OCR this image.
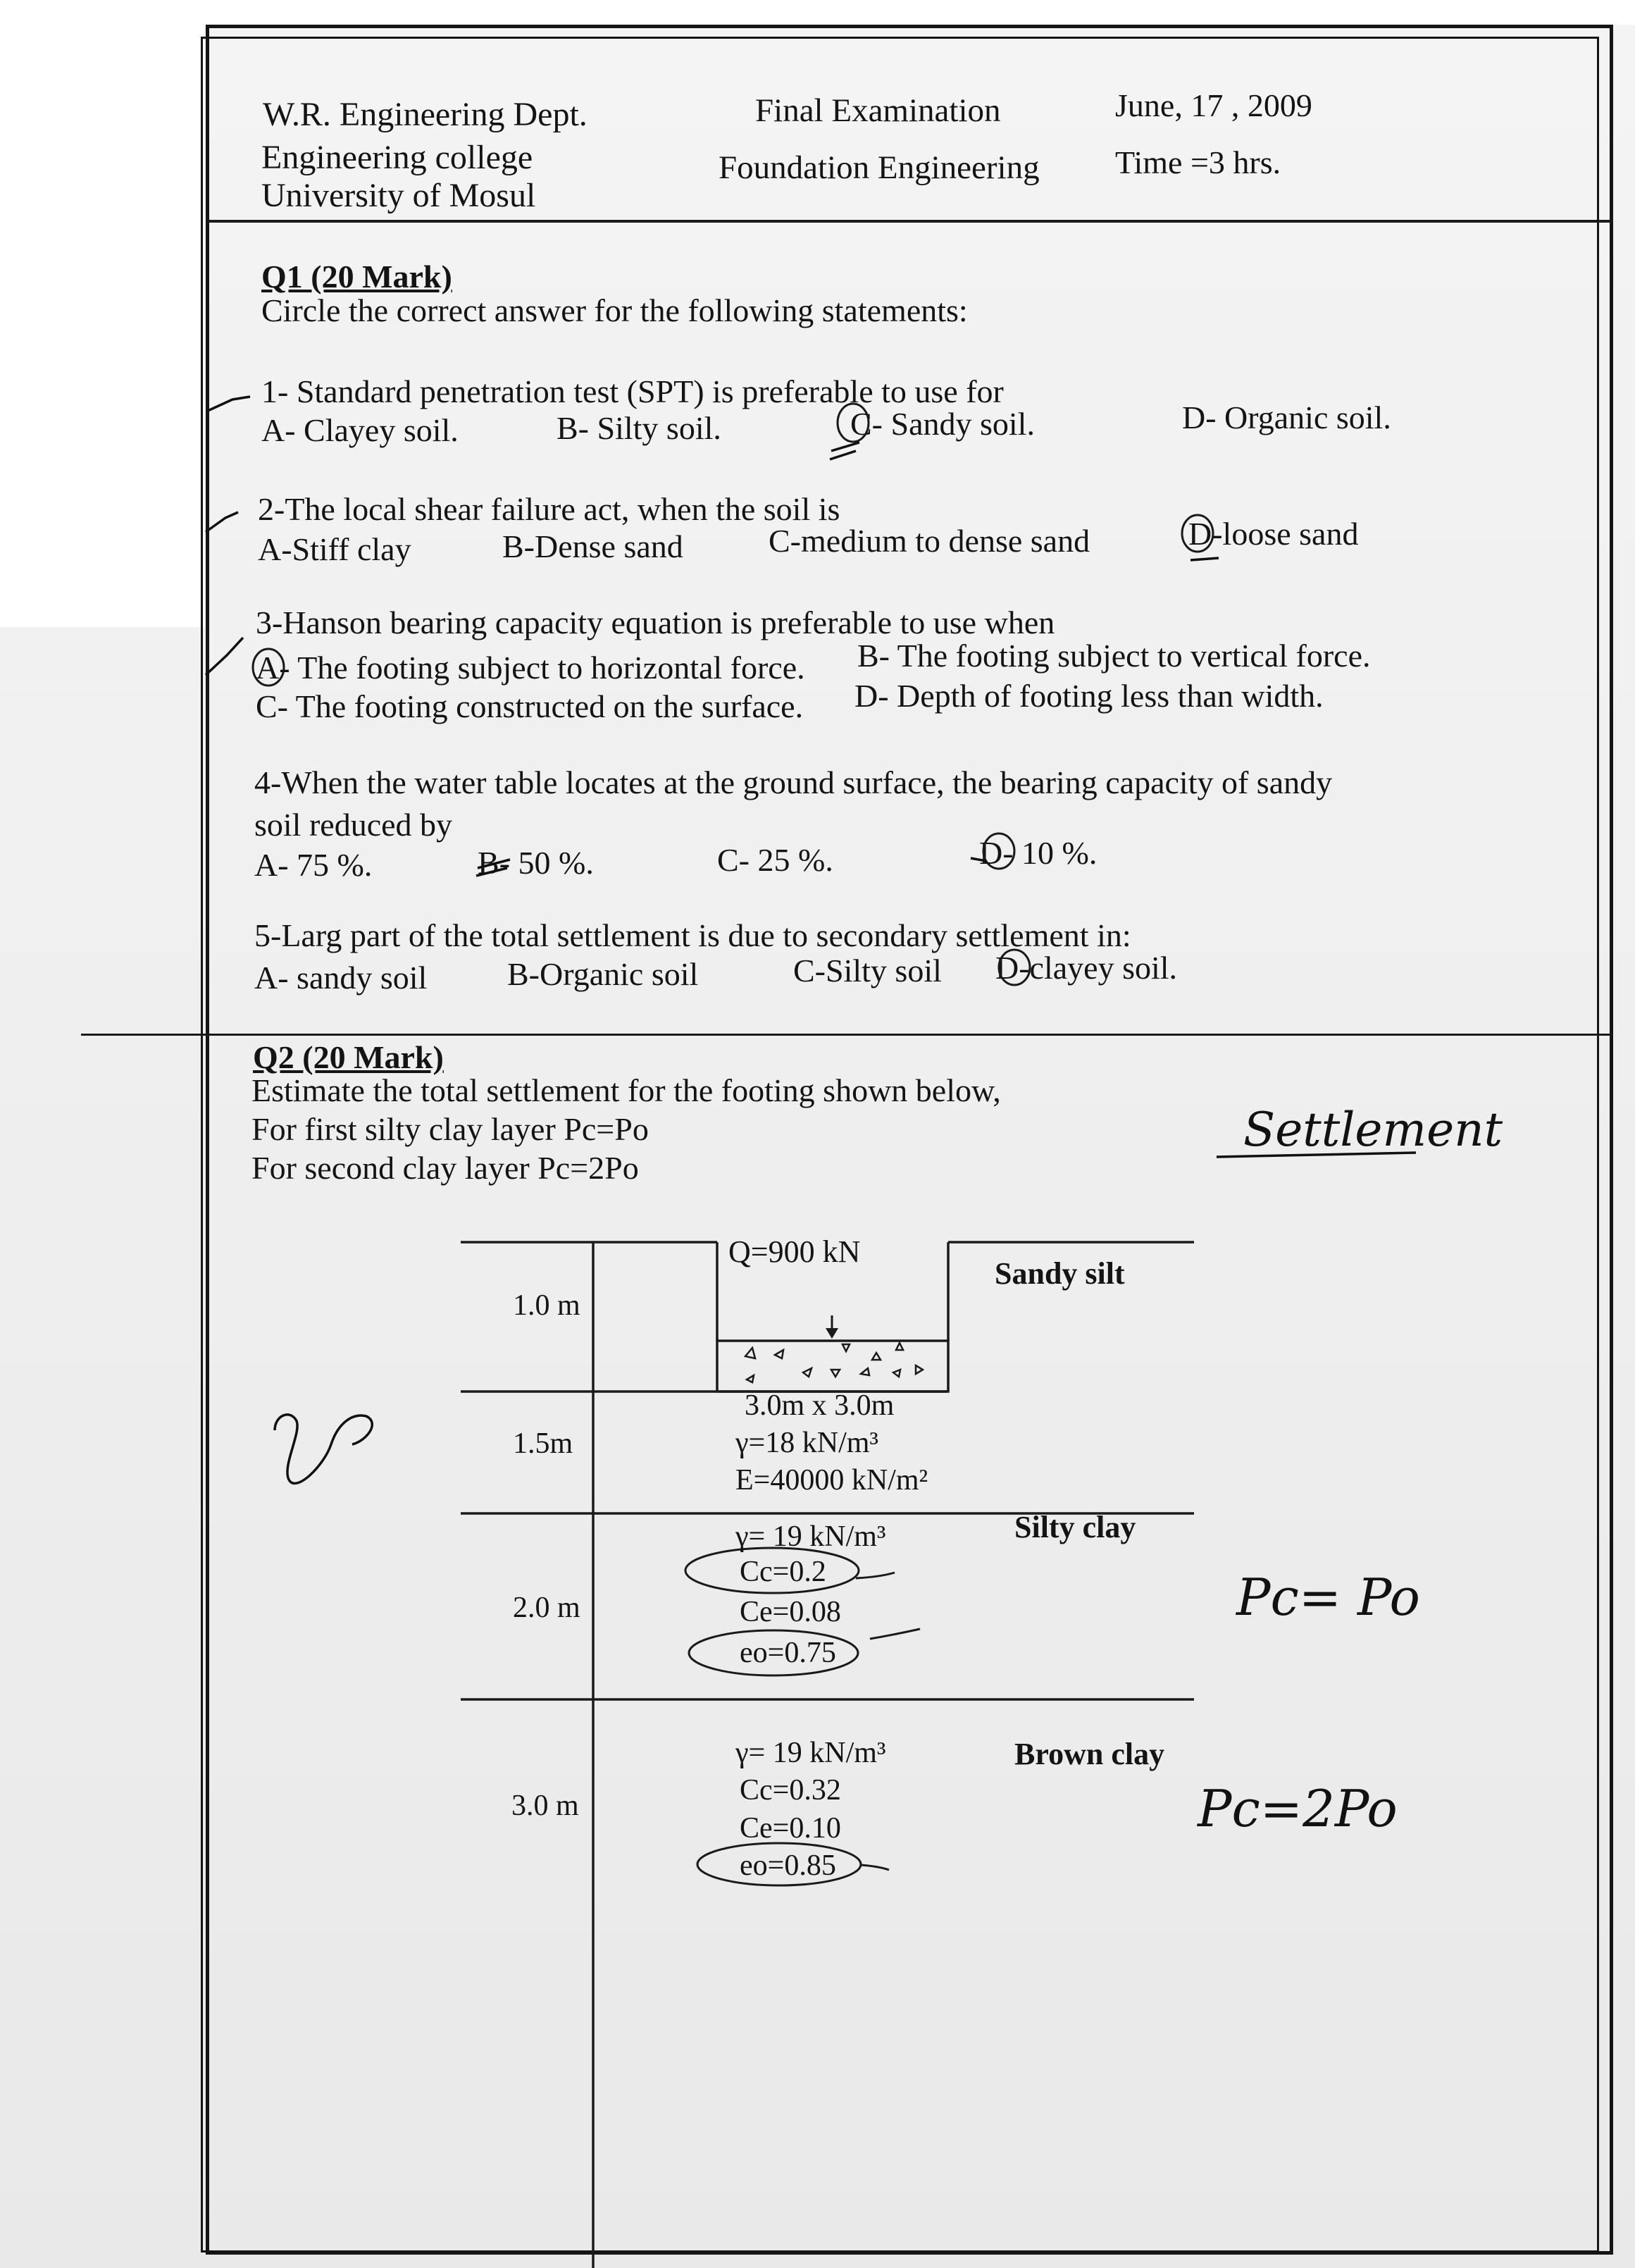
W.R. Engineering Dept.
Engineering college
University of Mosul
Final Examination
Foundation Engineering
June, 17 , 2009
Time =3 hrs.
Q1 (20 Mark)
Circle the correct answer for the following statements:
1- Standard penetration test (SPT) is preferable to use for
A- Clayey soil.	B- Silty soil.	C- Sandy soil.	D- Organic soil.
2-The local shear failure act, when the soil is
A-Stiff clay	B-Dense sand	C-medium to dense sand	D-loose sand
3-Hanson bearing capacity equation is preferable to use when
A- The footing subject to horizontal force. B- The footing subject to vertical force.
C- The footing constructed on the surface. D- Depth of footing less than width.
4-When the water table locates at the ground surface, the bearing capacity of sandy
soil reduced by
A- 75 %.	B- 50 %.	C- 25 %.	D- 10 %.
5-Larg part of the total settlement is due to secondary settlement in:
A- sandy soil B-Organic soil	C-Silty soil D-clayey soil.
Q2 (20 Mark)
Estimate the total settlement for the footing shown below,
For first silty clay layer Pc=Po
For second clay layer Pc=2Po
Q=900 kN
Sandy silt
1.0 m
3.0m x 3.0m
1.5m	γ=18 kN/m³
E=40000 kN/m²
Silty clay
γ= 19 kN/m³
Cc=0.2
2.0 m	Ce=0.08
eo=0.75
γ= 19 kN/m³	Brown clay
Cc=0.32
3.0 m
Ce=0.10
eo=0.85
Settlement
Pc= Po
Pc=2Po
